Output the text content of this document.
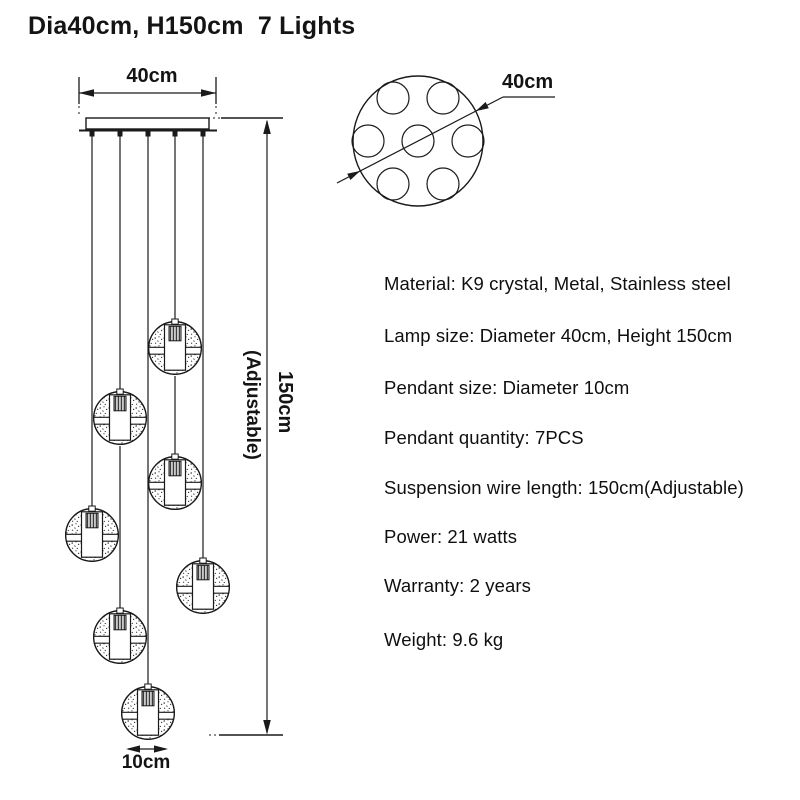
Dia40cm, H150cm  7 Lights
40cm	40cm
150cm
(Adjustable)
10cm
Material: K9 crystal, Metal, Stainless steel
Lamp size: Diameter 40cm, Height 150cm
Pendant size: Diameter 10cm
Pendant quantity: 7PCS
Suspension wire length: 150cm(Adjustable)
Power: 21 watts
Warranty: 2 years
Weight: 9.6 kg
